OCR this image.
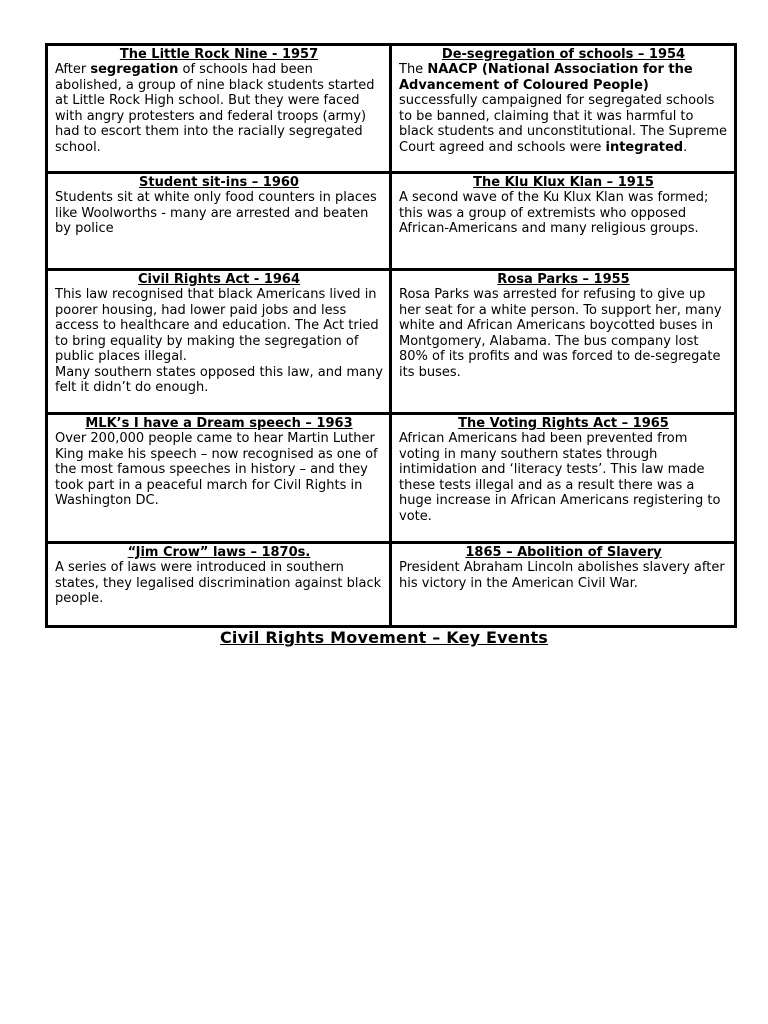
The Little Rock Nine - 1957

After segregation of schools had been abolished, a group of nine black students started at Little Rock High school. But they were faced with angry protesters and federal troops (army) had to escort them into the racially segregated school.

De-segregation of schools – 1954

The NAACP (National Association for the Advancement of Coloured People) successfully campaigned for segregated schools to be banned, claiming that it was harmful to black students and unconstitutional. The Supreme Court agreed and schools were integrated.

Student sit-ins – 1960

Students sit at white only food counters in places like Woolworths - many are arrested and beaten by police

The Klu Klux Klan – 1915

A second wave of the Ku Klux Klan was formed; this was a group of extremists who opposed African-Americans and many religious groups.

Civil Rights Act - 1964

This law recognised that black Americans lived in poorer housing, had lower paid jobs and less access to healthcare and education. The Act tried to bring equality by making the segregation of public places illegal.
Many southern states opposed this law, and many felt it didn’t do enough.

Rosa Parks – 1955

Rosa Parks was arrested for refusing to give up her seat for a white person. To support her, many white and African Americans boycotted buses in Montgomery, Alabama. The bus company lost 80% of its profits and was forced to de-segregate its buses.

MLK’s I have a Dream speech – 1963

Over 200,000 people came to hear Martin Luther King make his speech – now recognised as one of the most famous speeches in history – and they took part in a peaceful march for Civil Rights in Washington DC.

The Voting Rights Act – 1965

African Americans had been prevented from voting in many southern states through intimidation and ‘literacy tests’. This law made these tests illegal and as a result there was a huge increase in African Americans registering to vote.

“Jim Crow” laws – 1870s.

A series of laws were introduced in southern states, they legalised discrimination against black people.

1865 – Abolition of Slavery

President Abraham Lincoln abolishes slavery after his victory in the American Civil War.

Civil Rights Movement – Key Events
